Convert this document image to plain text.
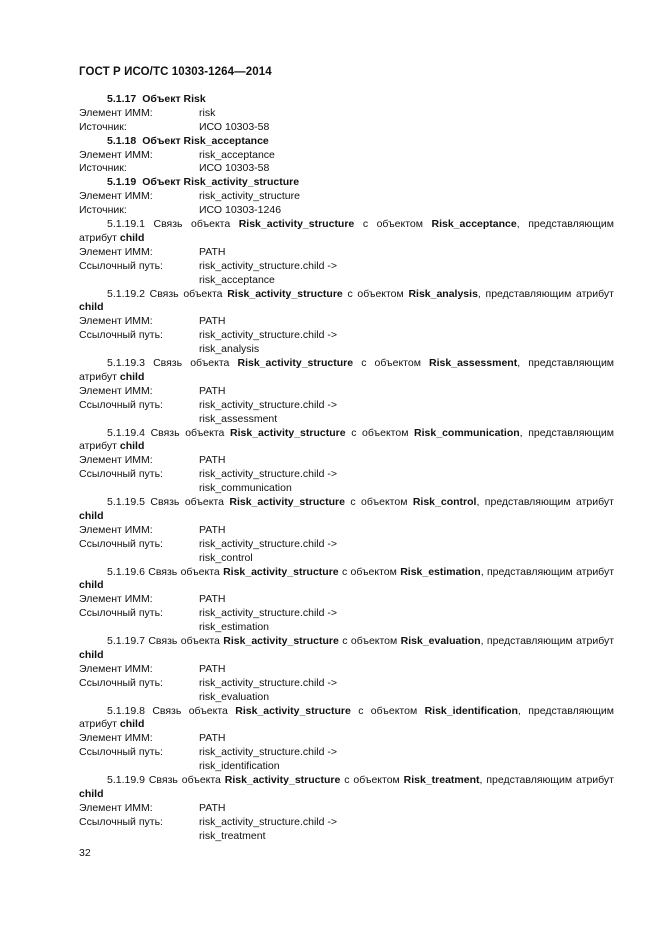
ГОСТ Р ИСО/ТС 10303-1264—2014
5.1.17 Объект Risk
Элемент ИММ:	risk
Источник:	ИСО 10303-58
5.1.18 Объект Risk_acceptance
Элемент ИММ:	risk_acceptance
Источник:	ИСО 10303-58
5.1.19 Объект Risk_activity_structure
Элемент ИММ:	risk_activity_structure
Источник:	ИСО 10303-1246
5.1.19.1 Связь объекта Risk_activity_structure с объектом Risk_acceptance, представляющим атрибут child
Элемент ИММ:	PATH
Ссылочный путь:	risk_activity_structure.child ->
risk_acceptance
5.1.19.2 Связь объекта Risk_activity_structure с объектом Risk_analysis, представляющим атрибут child
Элемент ИММ:	PATH
Ссылочный путь:	risk_activity_structure.child ->
risk_analysis
5.1.19.3 Связь объекта Risk_activity_structure с объектом Risk_assessment, представляющим атрибут child
Элемент ИММ:	PATH
Ссылочный путь:	risk_activity_structure.child ->
risk_assessment
5.1.19.4 Связь объекта Risk_activity_structure с объектом Risk_communication, представляющим атрибут child
Элемент ИММ:	PATH
Ссылочный путь:	risk_activity_structure.child ->
risk_communication
5.1.19.5 Связь объекта Risk_activity_structure с объектом Risk_control, представляющим атрибут child
Элемент ИММ:	PATH
Ссылочный путь:	risk_activity_structure.child ->
risk_control
5.1.19.6 Связь объекта Risk_activity_structure с объектом Risk_estimation, представляющим атрибут child
Элемент ИММ:	PATH
Ссылочный путь:	risk_activity_structure.child ->
risk_estimation
5.1.19.7 Связь объекта Risk_activity_structure с объектом Risk_evaluation, представляющим атрибут child
Элемент ИММ:	PATH
Ссылочный путь:	risk_activity_structure.child ->
risk_evaluation
5.1.19.8 Связь объекта Risk_activity_structure с объектом Risk_identification, представляющим атрибут child
Элемент ИММ:	PATH
Ссылочный путь:	risk_activity_structure.child ->
risk_identification
5.1.19.9 Связь объекта Risk_activity_structure с объектом Risk_treatment, представляющим атрибут child
Элемент ИММ:	PATH
Ссылочный путь:	risk_activity_structure.child ->
risk_treatment
32
